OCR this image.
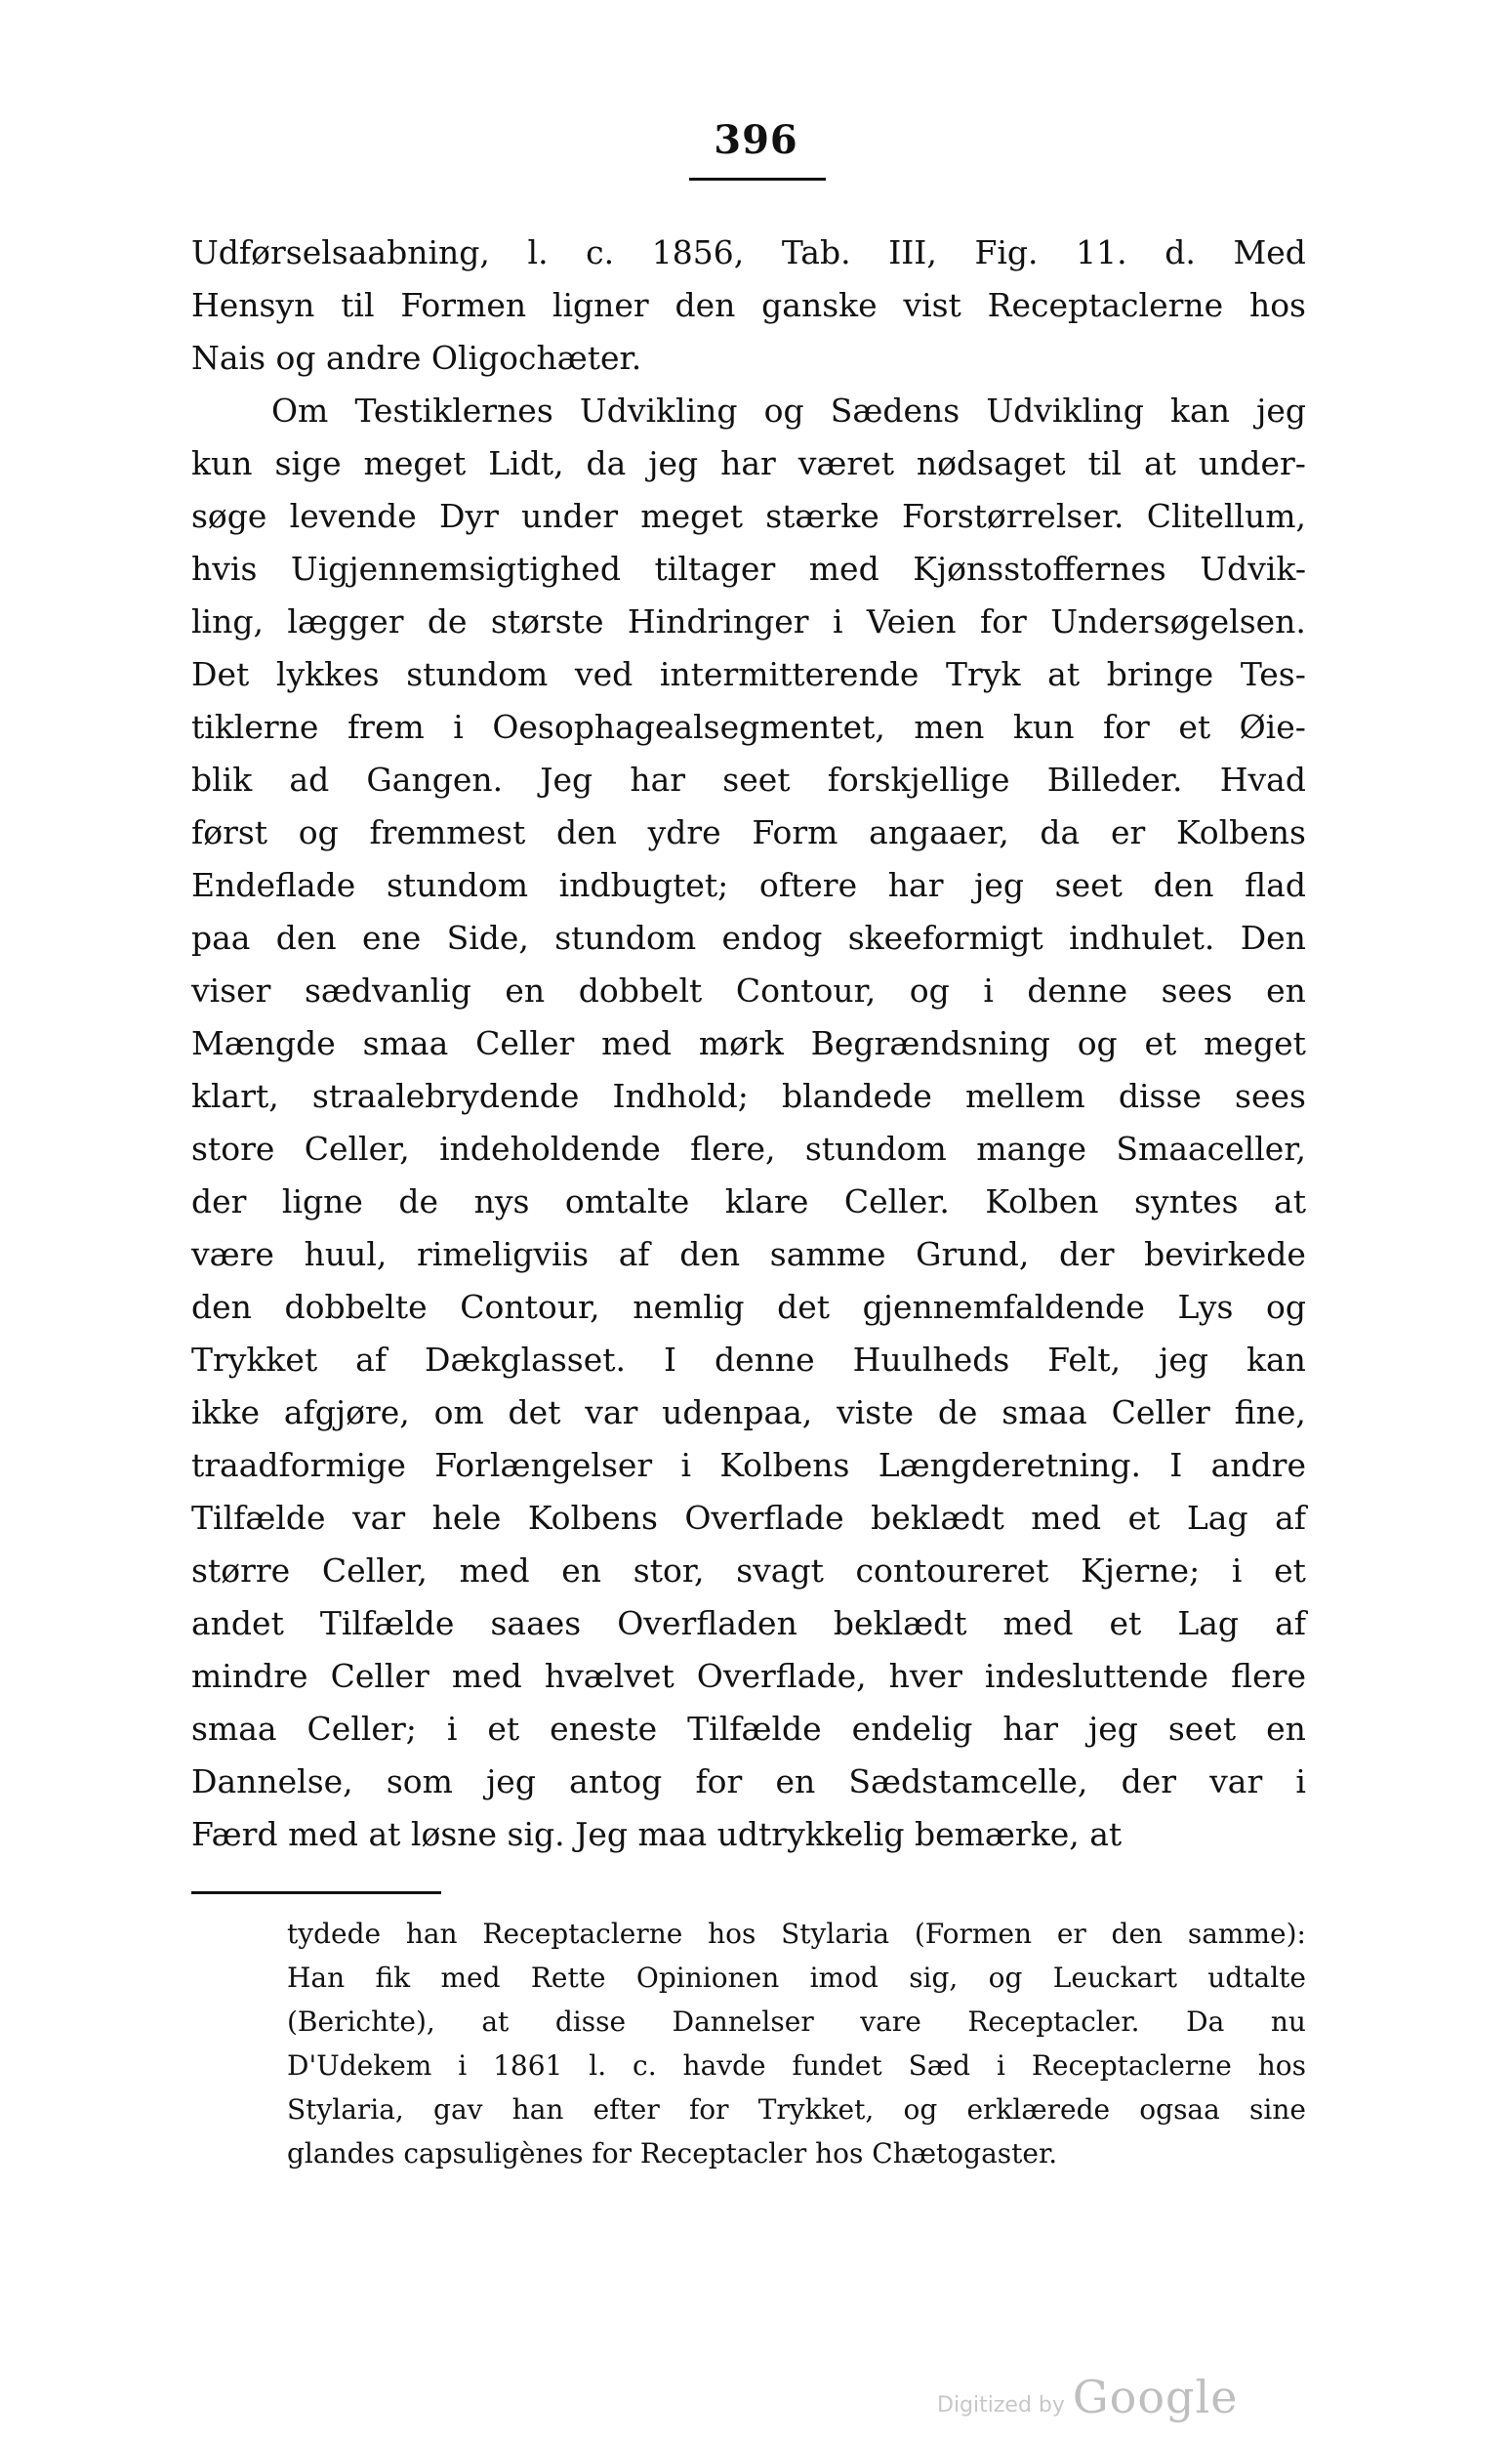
396
Udførselsaabning, l. c. 1856, Tab. III, Fig. 11. d. Med
Hensyn til Formen ligner den ganske vist Receptaclerne hos
Nais og andre Oligochæter.
Om Testiklernes Udvikling og Sædens Udvikling kan jeg
kun sige meget Lidt, da jeg har været nødsaget til at under-
søge levende Dyr under meget stærke Forstørrelser. Clitellum,
hvis Uigjennemsigtighed tiltager med Kjønsstoffernes Udvik-
ling, lægger de største Hindringer i Veien for Undersøgelsen.
Det lykkes stundom ved intermitterende Tryk at bringe Tes-
tiklerne frem i Oesophagealsegmentet, men kun for et Øie-
blik ad Gangen. Jeg har seet forskjellige Billeder. Hvad
først og fremmest den ydre Form angaaer, da er Kolbens
Endeflade stundom indbugtet; oftere har jeg seet den flad
paa den ene Side, stundom endog skeeformigt indhulet. Den
viser sædvanlig en dobbelt Contour, og i denne sees en
Mængde smaa Celler med mørk Begrændsning og et meget
klart, straalebrydende Indhold; blandede mellem disse sees
store Celler, indeholdende flere, stundom mange Smaaceller,
der ligne de nys omtalte klare Celler. Kolben syntes at
være huul, rimeligviis af den samme Grund, der bevirkede
den dobbelte Contour, nemlig det gjennemfaldende Lys og
Trykket af Dækglasset. I denne Huulheds Felt, jeg kan
ikke afgjøre, om det var udenpaa, viste de smaa Celler fine,
traadformige Forlængelser i Kolbens Længderetning. I andre
Tilfælde var hele Kolbens Overflade beklædt med et Lag af
større Celler, med en stor, svagt contoureret Kjerne; i et
andet Tilfælde saaes Overfladen beklædt med et Lag af
mindre Celler med hvælvet Overflade, hver indesluttende flere
smaa Celler; i et eneste Tilfælde endelig har jeg seet en
Dannelse, som jeg antog for en Sædstamcelle, der var i
Færd med at løsne sig. Jeg maa udtrykkelig bemærke, at
tydede han Receptaclerne hos Stylaria (Formen er den samme):
Han fik med Rette Opinionen imod sig, og Leuckart udtalte
(Berichte), at disse Dannelser vare Receptacler. Da nu
D'Udekem i 1861 l. c. havde fundet Sæd i Receptaclerne hos
Stylaria, gav han efter for Trykket, og erklærede ogsaa sine
glandes capsuligènes for Receptacler hos Chætogaster.
Digitized by Google
